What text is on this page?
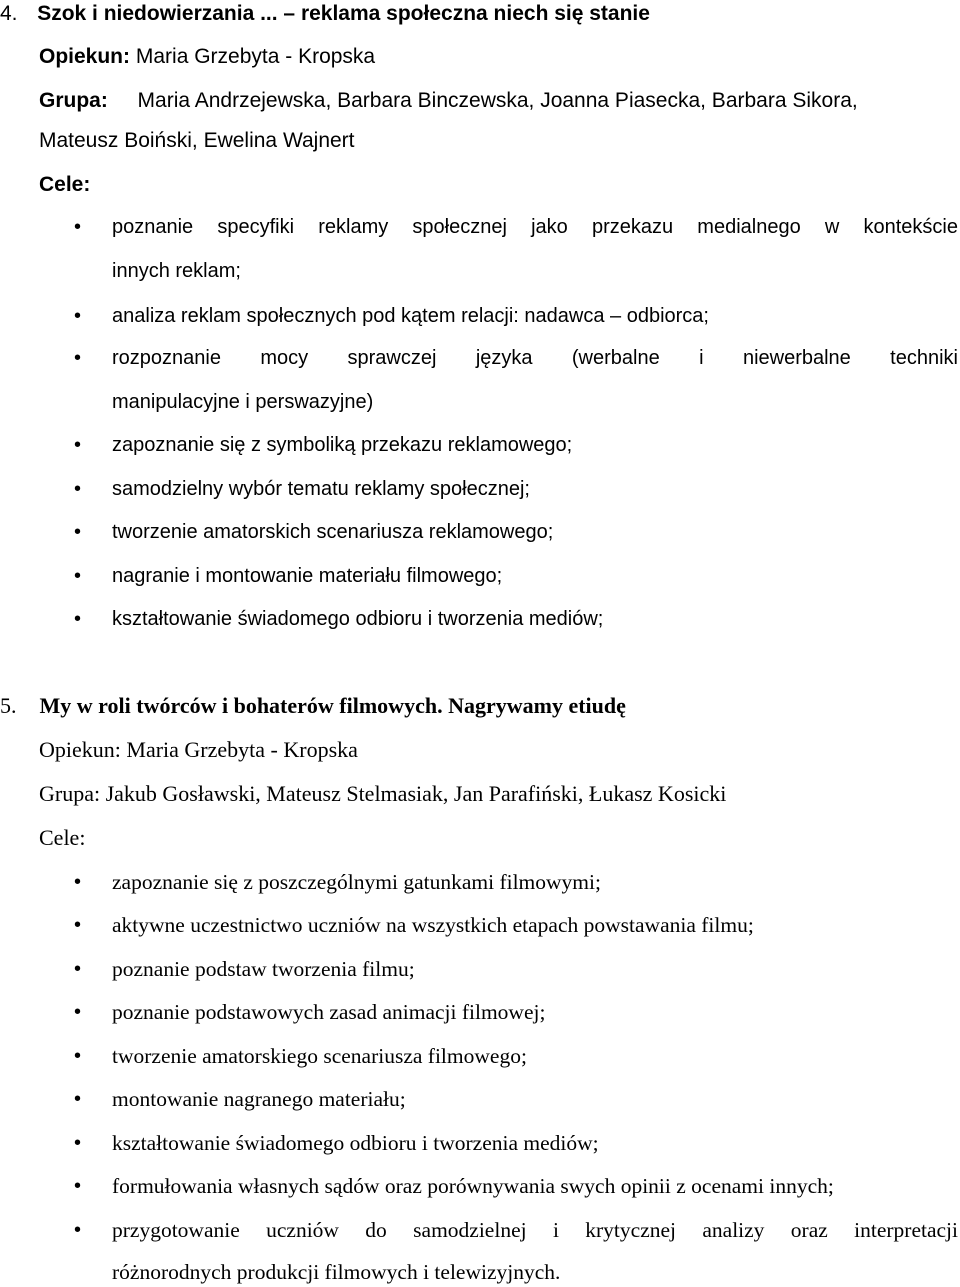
4. Szok i niedowierzania ... – reklama społeczna niech się stanie
Opiekun: Maria Grzebyta - Kropska
Grupa: Maria Andrzejewska, Barbara Binczewska, Joanna Piasecka, Barbara Sikora,
Mateusz Boiński, Ewelina Wajnert
Cele:
• poznanie specyfiki reklamy społecznej jako przekazu medialnego w kontekście
innych reklam;
• analiza reklam społecznych pod kątem relacji: nadawca – odbiorca;
• rozpoznanie mocy sprawczej języka (werbalne i niewerbalne techniki
manipulacyjne i perswazyjne)
• zapoznanie się z symboliką przekazu reklamowego;
• samodzielny wybór tematu reklamy społecznej;
• tworzenie amatorskich scenariusza reklamowego;
• nagranie i montowanie materiału filmowego;
• kształtowanie świadomego odbioru i tworzenia mediów;
5. My w roli twórców i bohaterów filmowych. Nagrywamy etiudę
Opiekun: Maria Grzebyta - Kropska
Grupa: Jakub Gosławski, Mateusz Stelmasiak, Jan Parafiński, Łukasz Kosicki
Cele:
• zapoznanie się z poszczególnymi gatunkami filmowymi;
• aktywne uczestnictwo uczniów na wszystkich etapach powstawania filmu;
• poznanie podstaw tworzenia filmu;
• poznanie podstawowych zasad animacji filmowej;
• tworzenie amatorskiego scenariusza filmowego;
• montowanie nagranego materiału;
• kształtowanie świadomego odbioru i tworzenia mediów;
• formułowania własnych sądów oraz porównywania swych opinii z ocenami innych;
• przygotowanie uczniów do samodzielnej i krytycznej analizy oraz interpretacji
różnorodnych produkcji filmowych i telewizyjnych.
